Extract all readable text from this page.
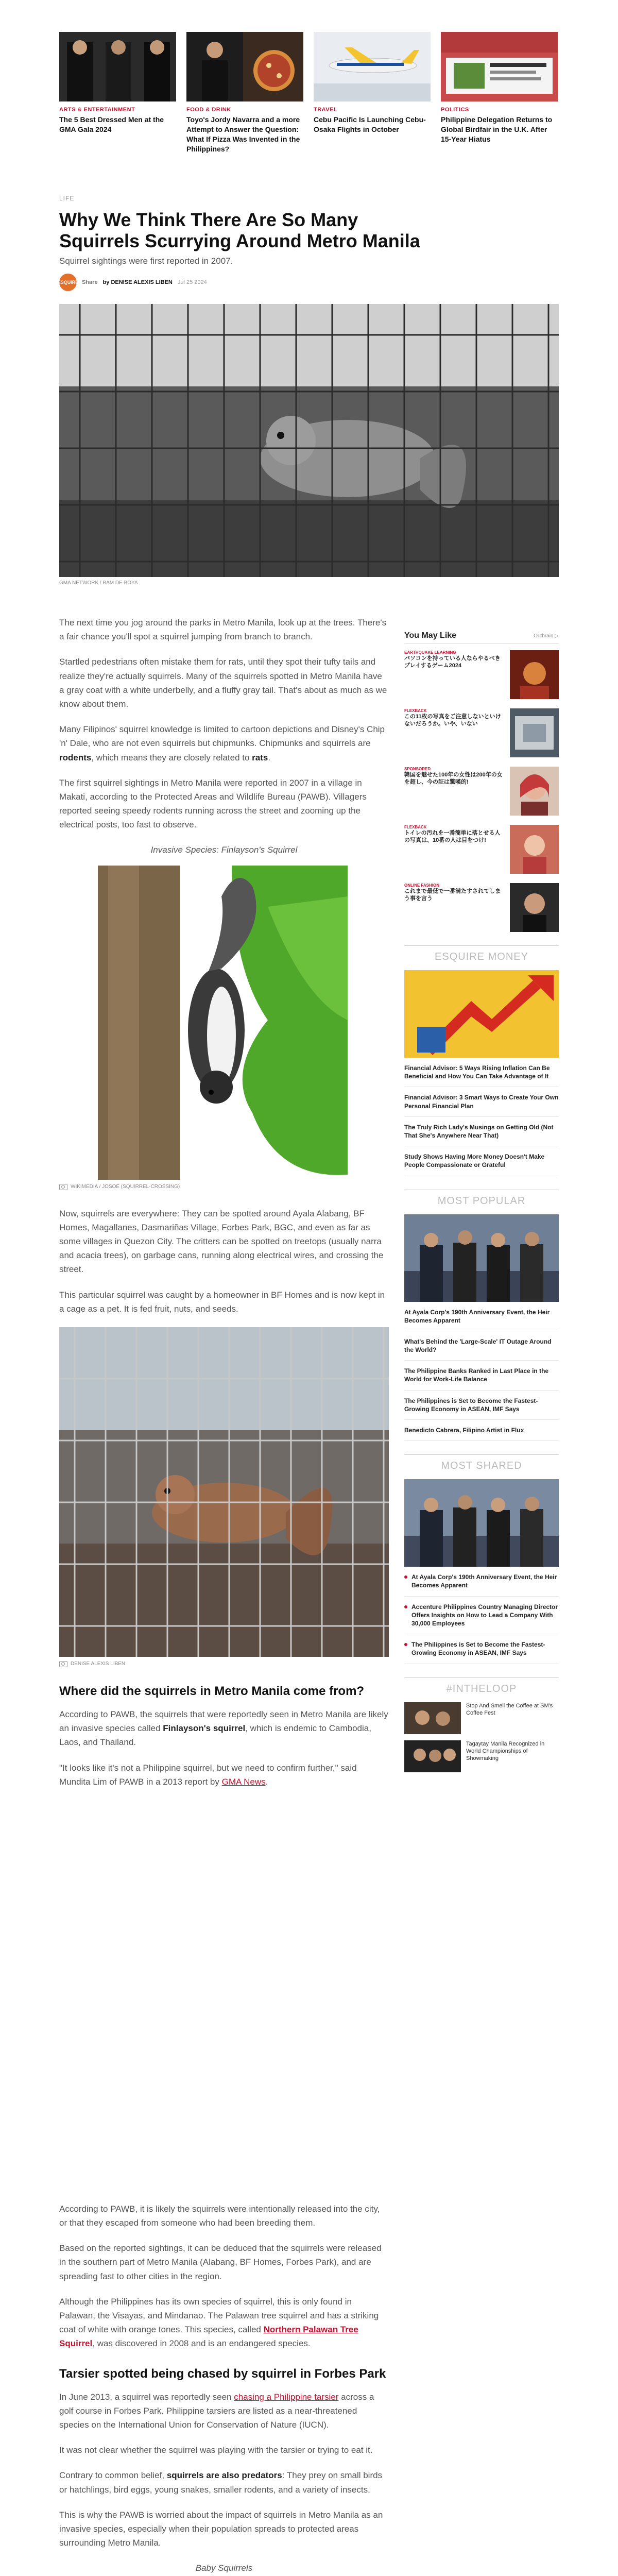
ARTS & ENTERTAINMENT
The 5 Best Dressed Men at the GMA Gala 2024
FOOD & DRINK
Toyo's Jordy Navarra and a more Attempt to Answer the Question: What If Pizza Was Invented in the Philippines?
TRAVEL
Cebu Pacific Is Launching Cebu-Osaka Flights in October
POLITICS
Philippine Delegation Returns to Global Birdfair in the U.K. After 15-Year Hiatus
LIFE
Why We Think There Are So Many Squirrels Scurrying Around Metro Manila
Squirrel sightings were first reported in 2007.
ESQUIRE Share by DENISE ALEXIS LIBEN Jul 25 2024
GMA NETWORK / BAM DE BOYA

The next time you jog around the parks in Metro Manila, look up at the trees. There's a fair chance you'll spot a squirrel jumping from branch to branch.

Startled pedestrians often mistake them for rats, until they spot their tufty tails and realize they're actually squirrels. Many of the squirrels spotted in Metro Manila have a gray coat with a white underbelly, and a fluffy gray tail. That's about as much as we know about them.

Many Filipinos' squirrel knowledge is limited to cartoon depictions and Disney's Chip 'n' Dale, who are not even squirrels but chipmunks. Chipmunks and squirrels are rodents, which means they are closely related to rats.

The first squirrel sightings in Metro Manila were reported in 2007 in a village in Makati, according to the Protected Areas and Wildlife Bureau (PAWB). Villagers reported seeing speedy rodents running across the street and zooming up the electrical posts, too fast to observe.

Invasive Species: Finlayson's Squirrel
WIKIMEDIA / JOSOE (SQUIRREL-CROSSING)

Now, squirrels are everywhere: They can be spotted around Ayala Alabang, BF Homes, Magallanes, Dasmariñas Village, Forbes Park, BGC, and even as far as some villages in Quezon City. The critters can be spotted on treetops (usually narra and acacia trees), on garbage cans, running along electrical wires, and crossing the street.

This particular squirrel was caught by a homeowner in BF Homes and is now kept in a cage as a pet. It is fed fruit, nuts, and seeds.

DENISE ALEXIS LIBEN
Where did the squirrels in Metro Manila come from?

According to PAWB, the squirrels that were reportedly seen in Metro Manila are likely an invasive species called Finlayson's squirrel, which is endemic to Cambodia, Laos, and Thailand.

"It looks like it's not a Philippine squirrel, but we need to confirm further," said Mundita Lim of PAWB in a 2013 report by GMA News.

According to PAWB, it is likely the squirrels were intentionally released into the city, or that they escaped from someone who had been breeding them.

Based on the reported sightings, it can be deduced that the squirrels were released in the southern part of Metro Manila (Alabang, BF Homes, Forbes Park), and are spreading fast to other cities in the region.

Although the Philippines has its own species of squirrel, this is only found in Palawan, the Visayas, and Mindanao. The Palawan tree squirrel and has a striking coat of white with orange tones. This species, called Northern Palawan Tree Squirrel, was discovered in 2008 and is an endangered species.

Tarsier spotted being chased by squirrel in Forbes Park

In June 2013, a squirrel was reportedly seen chasing a Philippine tarsier across a golf course in Forbes Park. Philippine tarsiers are listed as a near-threatened species on the International Union for Conservation of Nature (IUCN).

It was not clear whether the squirrel was playing with the tarsier or trying to eat it.

Contrary to common belief, squirrels are also predators: They prey on small birds or hatchlings, bird eggs, young snakes, smaller rodents, and a variety of insects.

This is why the PAWB is worried about the impact of squirrels in Metro Manila as an invasive species, especially when their population spreads to protected areas surrounding Metro Manila.

Baby Squirrels
You May Like	Outbrain ▷
EARTHQUAKE LEARNING
パソコンを持っている人ならやるべきプレイするゲーム2024
FLEXBACK
この11枚の写真をご注意しないといけないだろうか。いや、いない
SPONSORED
韓国を魅せた100年の女性は200年の女を超し、今の証は驚嘆的!
FLEXBACK
トイレの汚れを一番簡単に落とせる人の写真は、10番の人は目をつけ!
ONLINE FASHION
これまで最低で一番満たすされてしまう事を言う
ESQUIRE MONEY
Financial Advisor: 5 Ways Rising Inflation Can Be Beneficial and How You Can Take Advantage of It
Financial Advisor: 3 Smart Ways to Create Your Own Personal Financial Plan
The Truly Rich Lady's Musings on Getting Old (Not That She's Anywhere Near That)
Study Shows Having More Money Doesn't Make People Compassionate or Grateful
MOST POPULAR
At Ayala Corp's 190th Anniversary Event, the Heir Becomes Apparent
What's Behind the 'Large-Scale' IT Outage Around the World?
The Philippine Banks Ranked in Last Place in the World for Work-Life Balance
The Philippines is Set to Become the Fastest-Growing Economy in ASEAN, IMF Says
Benedicto Cabrera, Filipino Artist in Flux
MOST SHARED
At Ayala Corp's 190th Anniversary Event, the Heir Becomes Apparent
Accenture Philippines Country Managing Director Offers Insights on How to Lead a Company With 30,000 Employees
The Philippines is Set to Become the Fastest-Growing Economy in ASEAN, IMF Says
#INTHELOOP
Stop And Smell the Coffee at SM's Coffee Fest
Tagaytay Manila Recognized in World Championships of Showmaking
